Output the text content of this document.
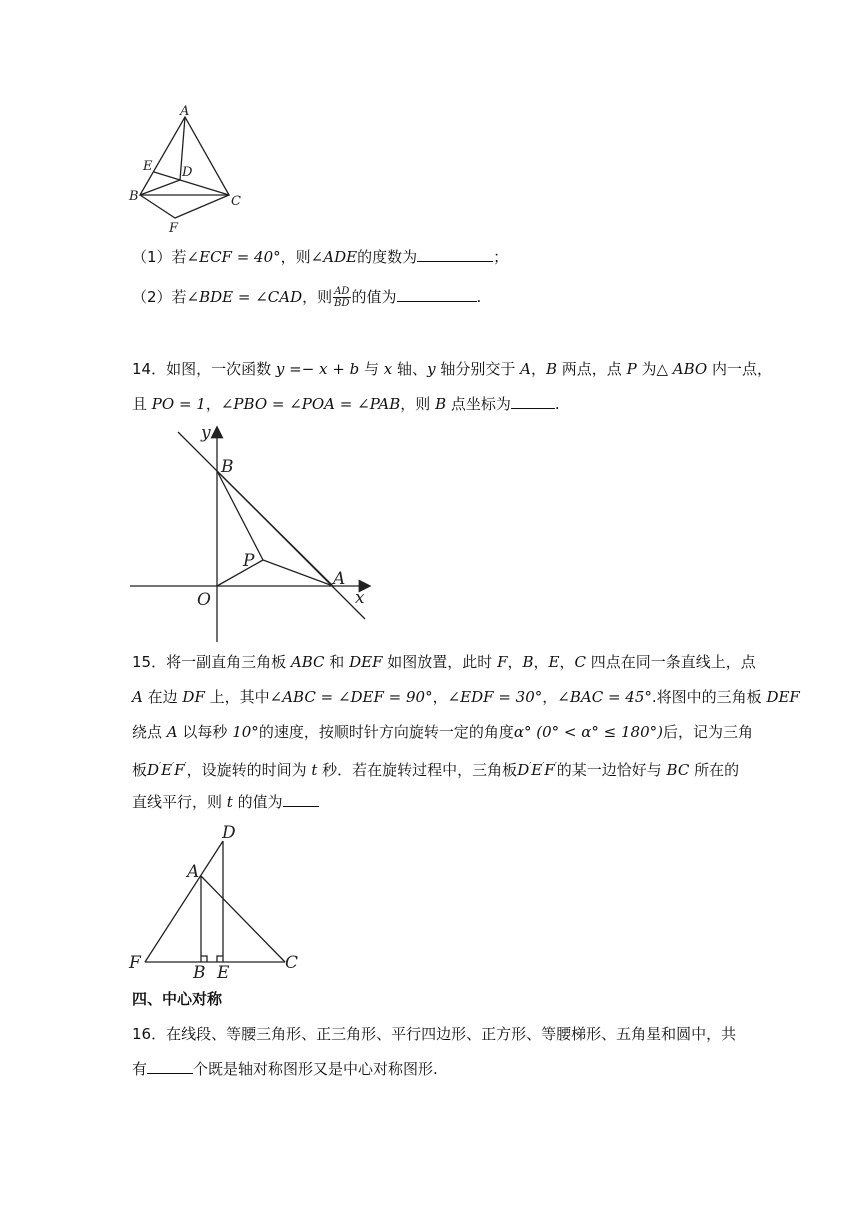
A
E D
B	C
F
（1）若∠ECF = 40°，则∠ADE的度数为	；
（2）若∠BDE = ∠CAD，则 $\frac{AD}{BD}$ 的值为	.
14．如图，一次函数 y =− x + b 与 x 轴、y 轴分别交于 A，B 两点，点 P 为△ ABO 内一点，
且 PO = 1，∠PBO = ∠POA = ∠PAB，则 B 点坐标为	.
y
B
P
A
O	x
15．将一副直角三角板 ABC 和 DEF 如图放置，此时 F，B，E，C 四点在同一条直线上，点
A 在边 DF 上，其中∠ABC = ∠DEF = 90°，∠EDF = 30°，∠BAC = 45°.将图中的三角板 DEF
绕点 A 以每秒 10°的速度，按顺时针方向旋转一定的角度α° (0° < α° ≤ 180°)后，记为三角
板D′E′F′，设旋转的时间为 t 秒．若在旋转过程中，三角板D′E′F′的某一边恰好与 BC 所在的
直线平行，则 t 的值为
D
A
F	B E	C
四、中心对称
16．在线段、等腰三角形、正三角形、平行四边形、正方形、等腰梯形、五角星和圆中，共
有	个既是轴对称图形又是中心对称图形.
